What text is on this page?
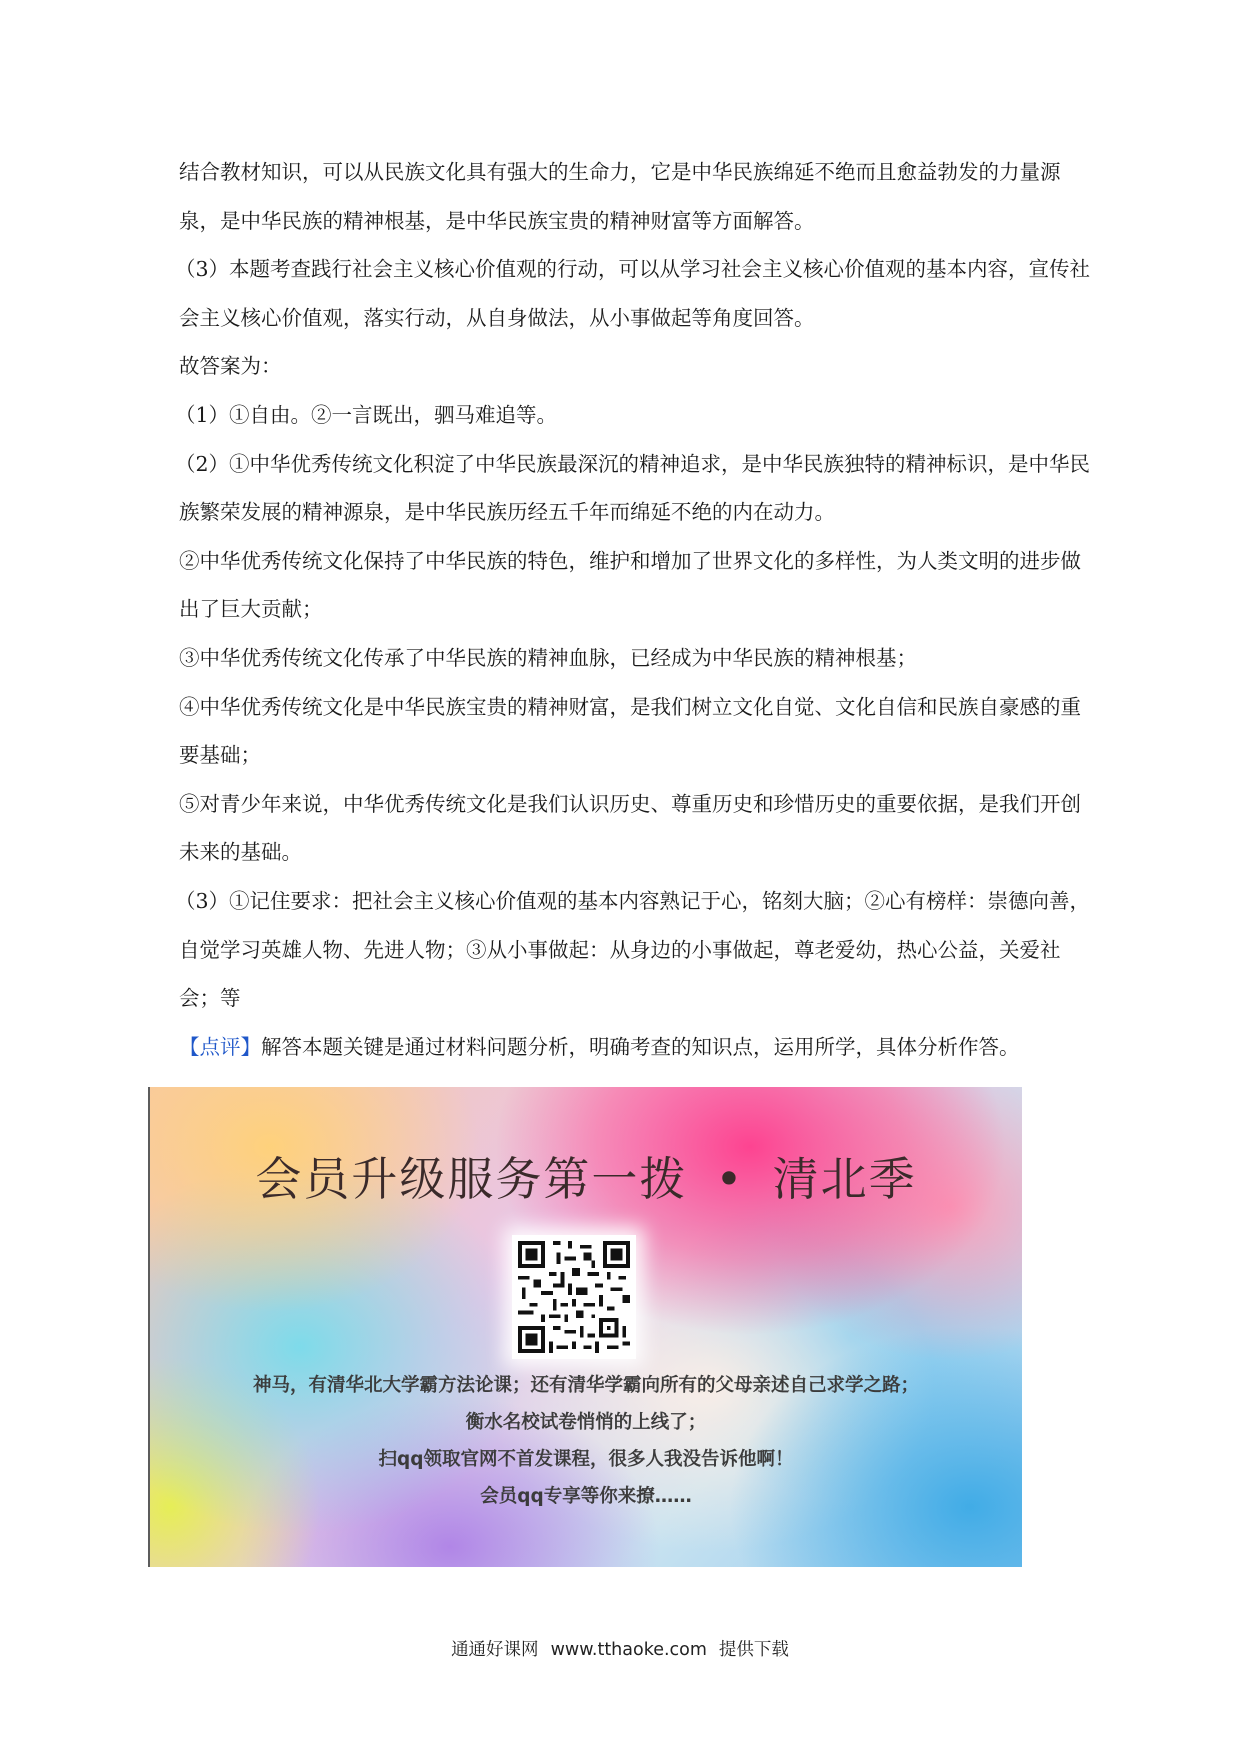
结合教材知识，可以从民族文化具有强大的生命力，它是中华民族绵延不绝而且愈益勃发的力量源泉，是中华民族的精神根基，是中华民族宝贵的精神财富等方面解答。

（3）本题考查践行社会主义核心价值观的行动，可以从学习社会主义核心价值观的基本内容，宣传社会主义核心价值观，落实行动，从自身做法，从小事做起等角度回答。

故答案为：

（1）①自由。②一言既出，驷马难追等。

（2）①中华优秀传统文化积淀了中华民族最深沉的精神追求，是中华民族独特的精神标识，是中华民族繁荣发展的精神源泉，是中华民族历经五千年而绵延不绝的内在动力。

②中华优秀传统文化保持了中华民族的特色，维护和增加了世界文化的多样性，为人类文明的进步做出了巨大贡献；

③中华优秀传统文化传承了中华民族的精神血脉，已经成为中华民族的精神根基；

④中华优秀传统文化是中华民族宝贵的精神财富，是我们树立文化自觉、文化自信和民族自豪感的重要基础；

⑤对青少年来说，中华优秀传统文化是我们认识历史、尊重历史和珍惜历史的重要依据，是我们开创未来的基础。

（3）①记住要求：把社会主义核心价值观的基本内容熟记于心，铭刻大脑；②心有榜样：崇德向善，自觉学习英雄人物、先进人物；③从小事做起：从身边的小事做起，尊老爱幼，热心公益，关爱社会；等

【点评】解答本题关键是通过材料问题分析，明确考查的知识点，运用所学，具体分析作答。

会员升级服务第一拨 • 清北季
神马，有清华北大学霸方法论课；还有清华学霸向所有的父母亲述自己求学之路；
衡水名校试卷悄悄的上线了；
扫qq领取官网不首发课程，很多人我没告诉他啊！
会员qq专享等你来撩……
通通好课网 www.tthaoke.com 提供下载
